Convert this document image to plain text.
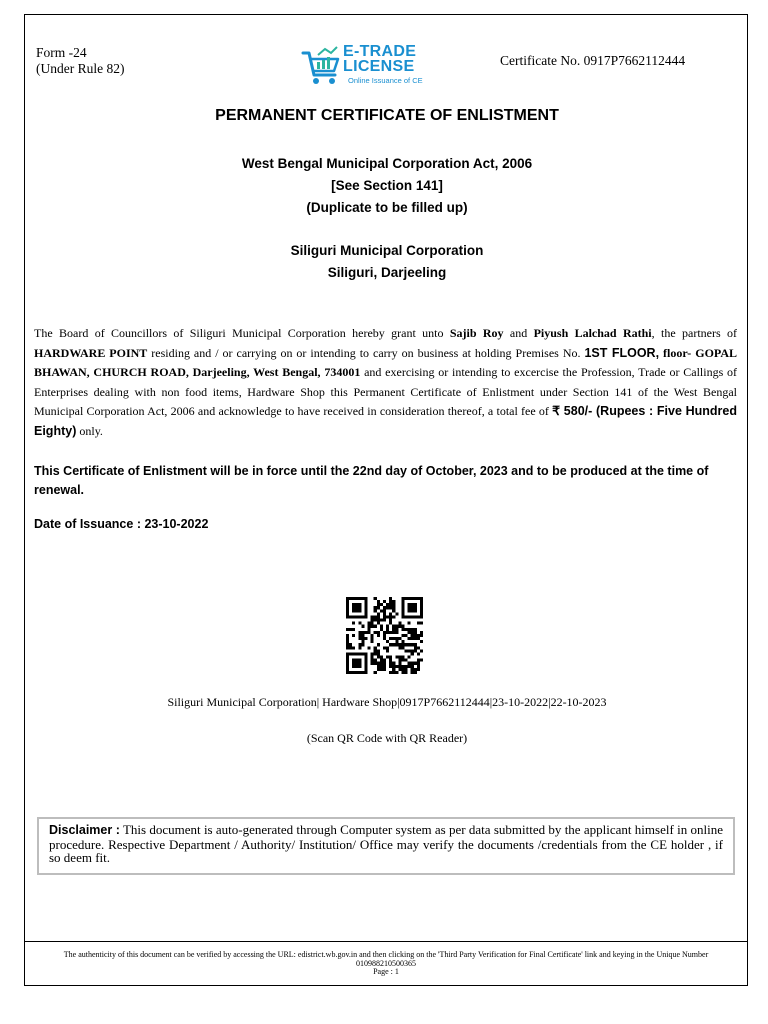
Form -24
(Under Rule 82)
E-TRADE
LICENSE
Online Issuance of CE
Certificate No. 0917P7662112444
PERMANENT CERTIFICATE OF ENLISTMENT
West Bengal Municipal Corporation Act, 2006
[See Section 141]
(Duplicate to be filled up)
Siliguri Municipal Corporation
Siliguri, Darjeeling
The Board of Councillors of Siliguri Municipal Corporation hereby grant unto Sajib Roy and Piyush Lalchad Rathi, the partners of HARDWARE POINT residing and / or carrying on or intending to carry on business at holding Premises No. 1ST FLOOR, floor- GOPAL BHAWAN, CHURCH ROAD, Darjeeling, West Bengal, 734001 and exercising or intending to excercise the Profession, Trade or Callings of Enterprises dealing with non food items, Hardware Shop this Permanent Certificate of Enlistment under Section 141 of the West Bengal Municipal Corporation Act, 2006 and acknowledge to have received in consideration thereof, a total fee of ₹ 580/- (Rupees : Five Hundred Eighty) only.
This Certificate of Enlistment will be in force until the 22nd day of October, 2023 and to be produced at the time of renewal.
Date of Issuance : 23-10-2022
Siliguri Municipal Corporation| Hardware Shop|0917P7662112444|23-10-2022|22-10-2023
(Scan QR Code with QR Reader)
Disclaimer : This document is auto-generated through Computer system as per data submitted by the applicant himself in online procedure. Respective Department / Authority/ Institution/ Office may verify the documents /credentials from the CE holder , if so deem fit.
The authenticity of this document can be verified by accessing the URL: edistrict.wb.gov.in and then clicking on the 'Third Party Verification for Final Certificate' link and keying in the Unique Number 010988210500365
Page : 1
